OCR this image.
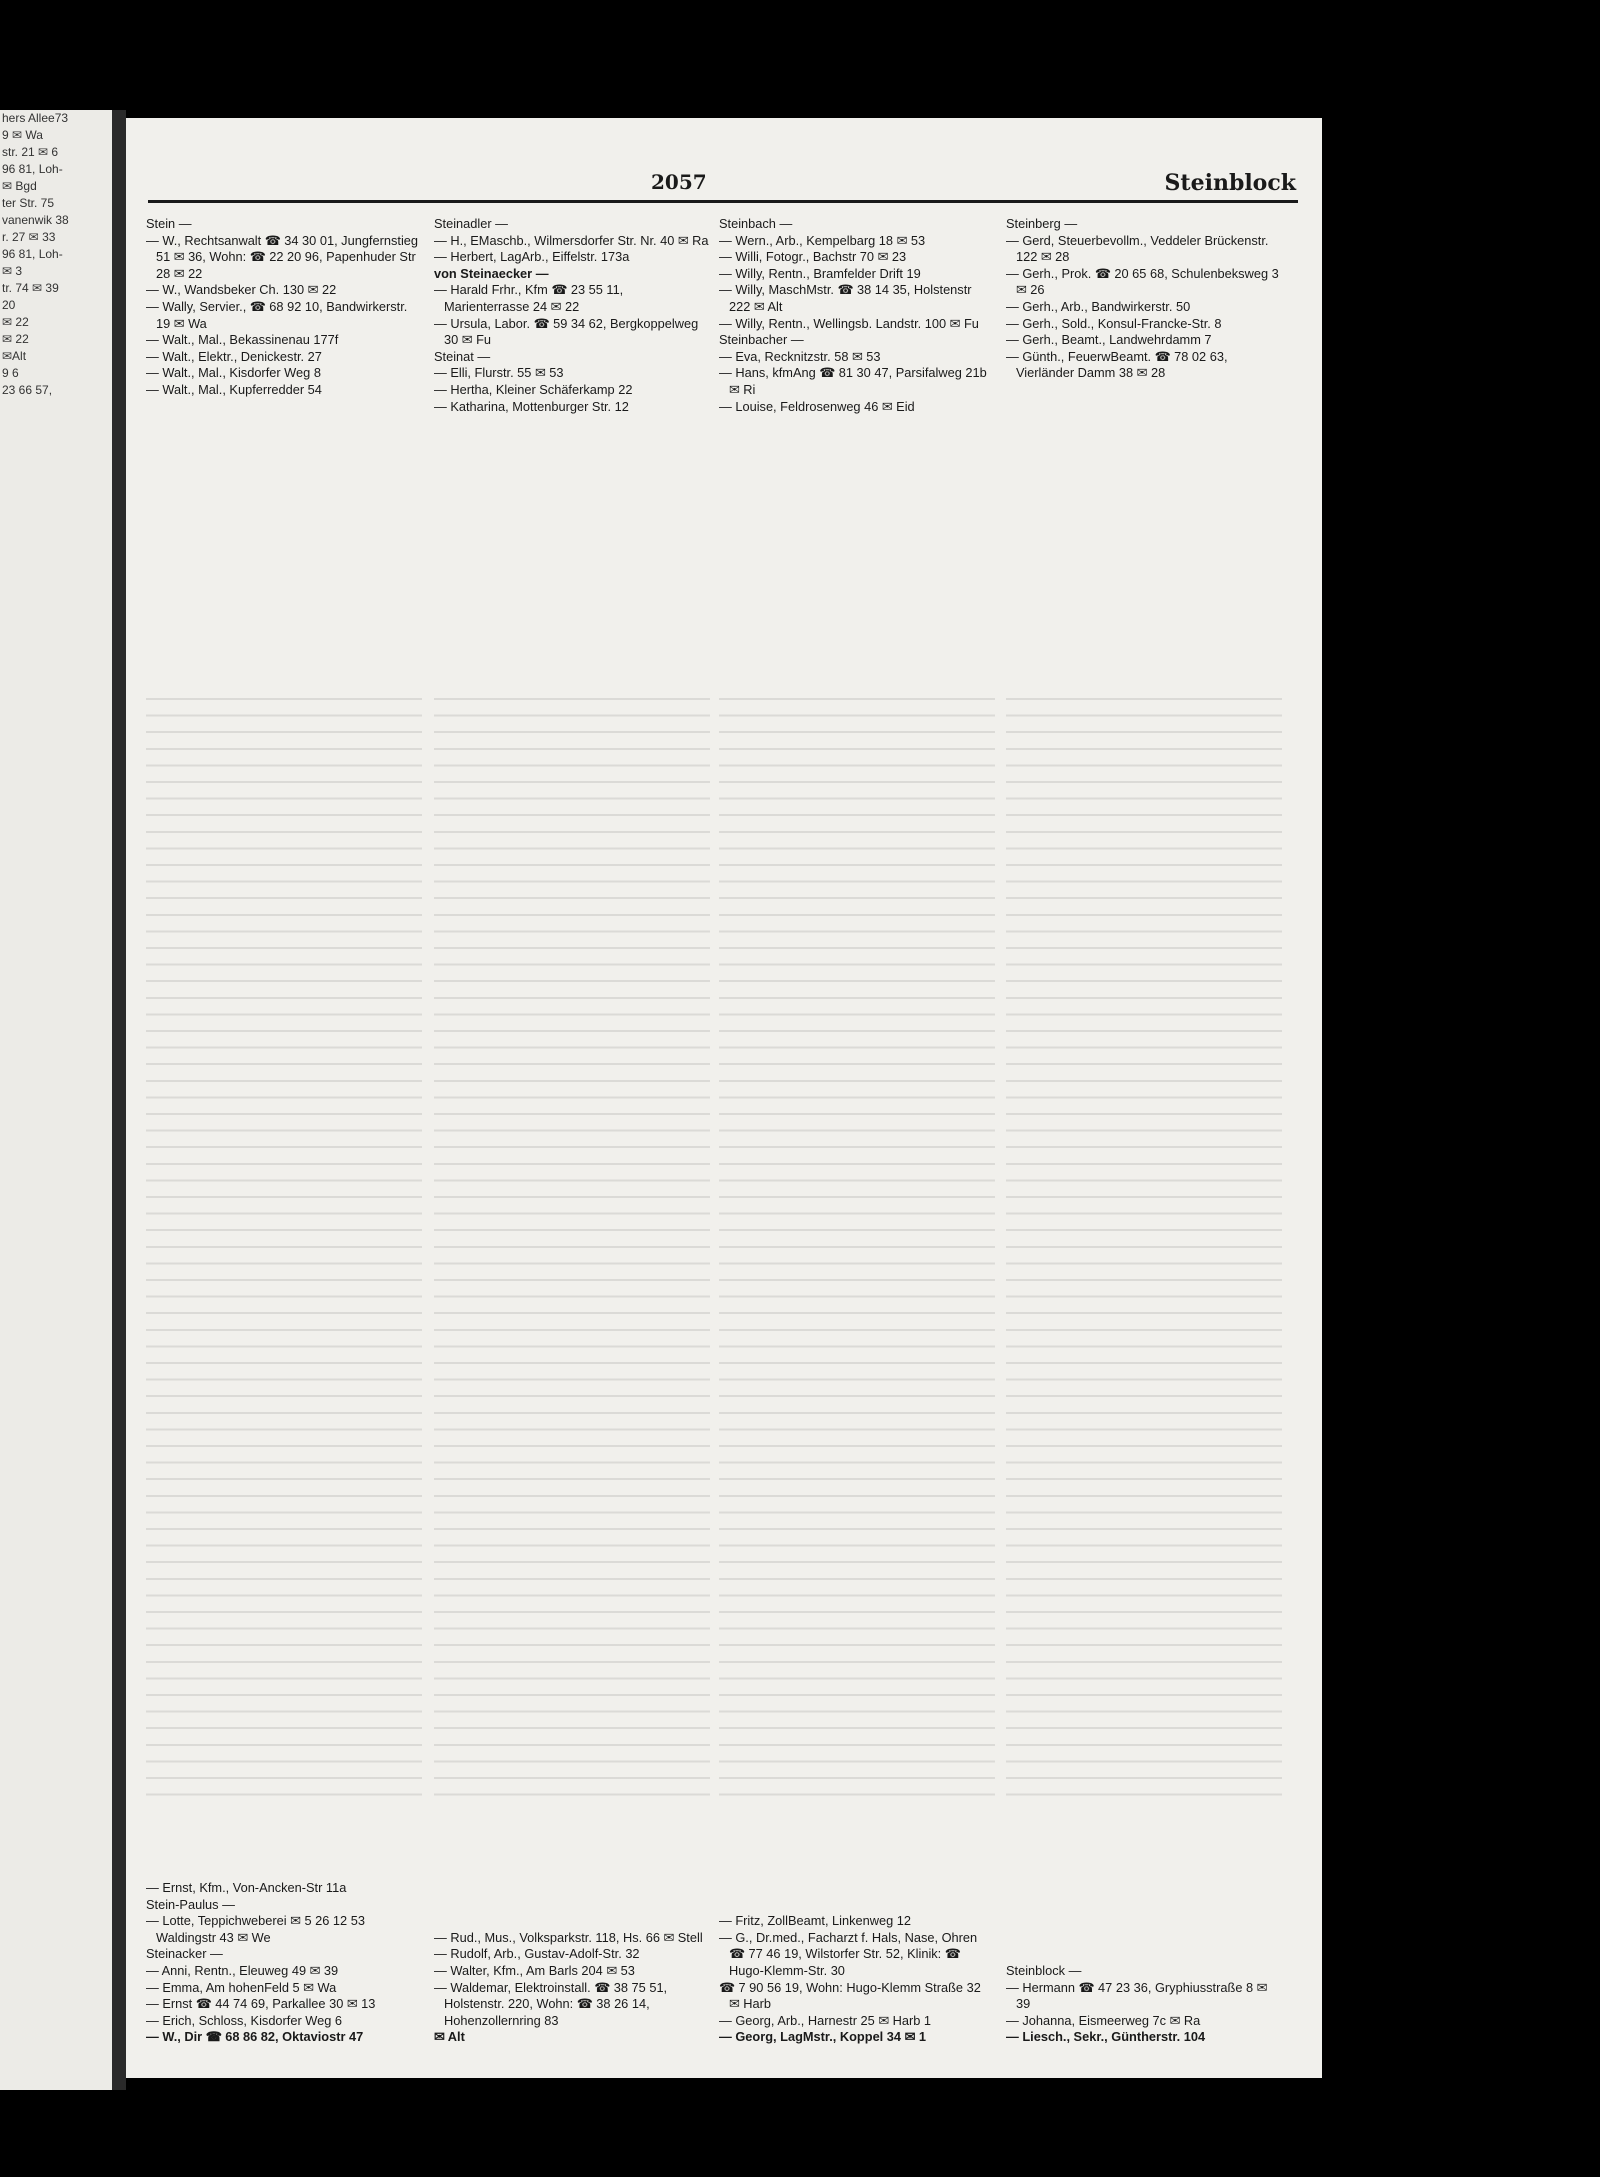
hers Allee73
9 ✉ Wa
str. 21 ✉ 6
96 81, Loh-
✉ Bgd
ter Str. 75
vanenwik 38
r. 27 ✉ 33
96 81, Loh-
✉ 3
tr. 74 ✉ 39
20
✉ 22
✉ 22
✉Alt
9 6
23 66 57,
2057	Steinblock

Stein —

— W., Rechtsanwalt ☎ 34 30 01, Jungfernstieg 51 ✉ 36, Wohn: ☎ 22 20 96, Papenhuder Str 28 ✉ 22

— W., Wandsbeker Ch. 130 ✉ 22

— Wally, Servier., ☎ 68 92 10, Bandwirkerstr. 19 ✉ Wa

— Walt., Mal., Bekassinenau 177f

— Walt., Elektr., Denickestr. 27

— Walt., Mal., Kisdorfer Weg 8

— Walt., Mal., Kupferredder 54

— Ernst, Kfm., Von-Ancken-Str 11a

Stein-Paulus —

— Lotte, Teppichweberei ✉ 5 26 12 53 Waldingstr 43 ✉ We

Steinacker —

— Anni, Rentn., Eleuweg 49 ✉ 39

— Emma, Am hohenFeld 5 ✉ Wa

— Ernst ☎ 44 74 69, Parkallee 30 ✉ 13

— Erich, Schloss, Kisdorfer Weg 6

— W., Dir ☎ 68 86 82, Oktaviostr 47

Steinadler —

— H., EMaschb., Wilmersdorfer Str. Nr. 40 ✉ Ra

— Herbert, LagArb., Eiffelstr. 173a

von Steinaecker —

— Harald Frhr., Kfm ☎ 23 55 11, Marienterrasse 24 ✉ 22

— Ursula, Labor. ☎ 59 34 62, Bergkoppelweg 30 ✉ Fu

Steinat —

— Elli, Flurstr. 55 ✉ 53

— Hertha, Kleiner Schäferkamp 22

— Katharina, Mottenburger Str. 12

— Rud., Mus., Volksparkstr. 118, Hs. 66 ✉ Stell

— Rudolf, Arb., Gustav-Adolf-Str. 32

— Walter, Kfm., Am Barls 204 ✉ 53

— Waldemar, Elektroinstall. ☎ 38 75 51, Holstenstr. 220, Wohn: ☎ 38 26 14, Hohenzollernring 83

✉ Alt

Steinbach —

— Wern., Arb., Kempelbarg 18 ✉ 53

— Willi, Fotogr., Bachstr 70 ✉ 23

— Willy, Rentn., Bramfelder Drift 19

— Willy, MaschMstr. ☎ 38 14 35, Holstenstr 222 ✉ Alt

— Willy, Rentn., Wellingsb. Landstr. 100 ✉ Fu

Steinbacher —

— Eva, Recknitzstr. 58 ✉ 53

— Hans, kfmAng ☎ 81 30 47, Parsifalweg 21b ✉ Ri

— Louise, Feldrosenweg 46 ✉ Eid

— Fritz, ZollBeamt, Linkenweg 12

— G., Dr.med., Facharzt f. Hals, Nase, Ohren ☎ 77 46 19, Wilstorfer Str. 52, Klinik: ☎ Hugo-Klemm-Str. 30

☎ 7 90 56 19, Wohn: Hugo-Klemm Straße 32 ✉ Harb

— Georg, Arb., Harnestr 25 ✉ Harb 1

— Georg, LagMstr., Koppel 34 ✉ 1

Steinberg —

— Gerd, Steuerbevollm., Veddeler Brückenstr. 122 ✉ 28

— Gerh., Prok. ☎ 20 65 68, Schulenbeksweg 3 ✉ 26

— Gerh., Arb., Bandwirkerstr. 50

— Gerh., Sold., Konsul-Francke-Str. 8

— Gerh., Beamt., Landwehrdamm 7

— Günth., FeuerwBeamt. ☎ 78 02 63, Vierländer Damm 38 ✉ 28

Steinblock —

— Hermann ☎ 47 23 36, Gryphiusstraße 8 ✉ 39

— Johanna, Eismeerweg 7c ✉ Ra

— Liesch., Sekr., Güntherstr. 104
